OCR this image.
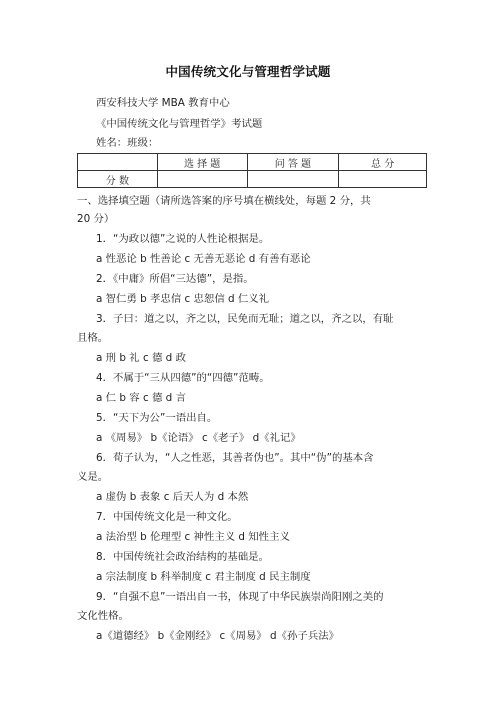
中国传统文化与管理哲学试题
西安科技大学 MBA 教育中心
《中国传统文化与管理哲学》考试题
姓名：班级：
	选 择 题	问 答 题	总 分
分 数			
一、选择填空题（请所选答案的序号填在横线处，每题 2 分，共
20 分）
1．“为政以德”之说的人性论根据是。
a 性恶论 b 性善论 c 无善无恶论 d 有善有恶论
2．《中庸》所倡“三达德”，是指。
a 智仁勇 b 孝忠信 c 忠恕信 d 仁义礼
3．子曰：道之以，齐之以，民免而无耻；道之以，齐之以，有耻
且格。
a 刑 b 礼 c 德 d 政
4．不属于“三从四德”的“四德”范畴。
a 仁 b 容 c 德 d 言
5．“天下为公”一语出自。
a 《周易》 b《论语》 c《老子》 d《礼记》
6．荀子认为，“人之性恶，其善者伪也”。其中“伪”的基本含
义是。
a 虚伪 b 表象 c 后天人为 d 本然
7．中国传统文化是一种文化。
a 法治型 b 伦理型 c 神性主义 d 知性主义
8．中国传统社会政治结构的基础是。
a 宗法制度 b 科举制度 c 君主制度 d 民主制度
9．“自强不息”一语出自一书，体现了中华民族崇尚阳刚之美的
文化性格。
a《道德经》 b《金刚经》 c《周易》 d《孙子兵法》
